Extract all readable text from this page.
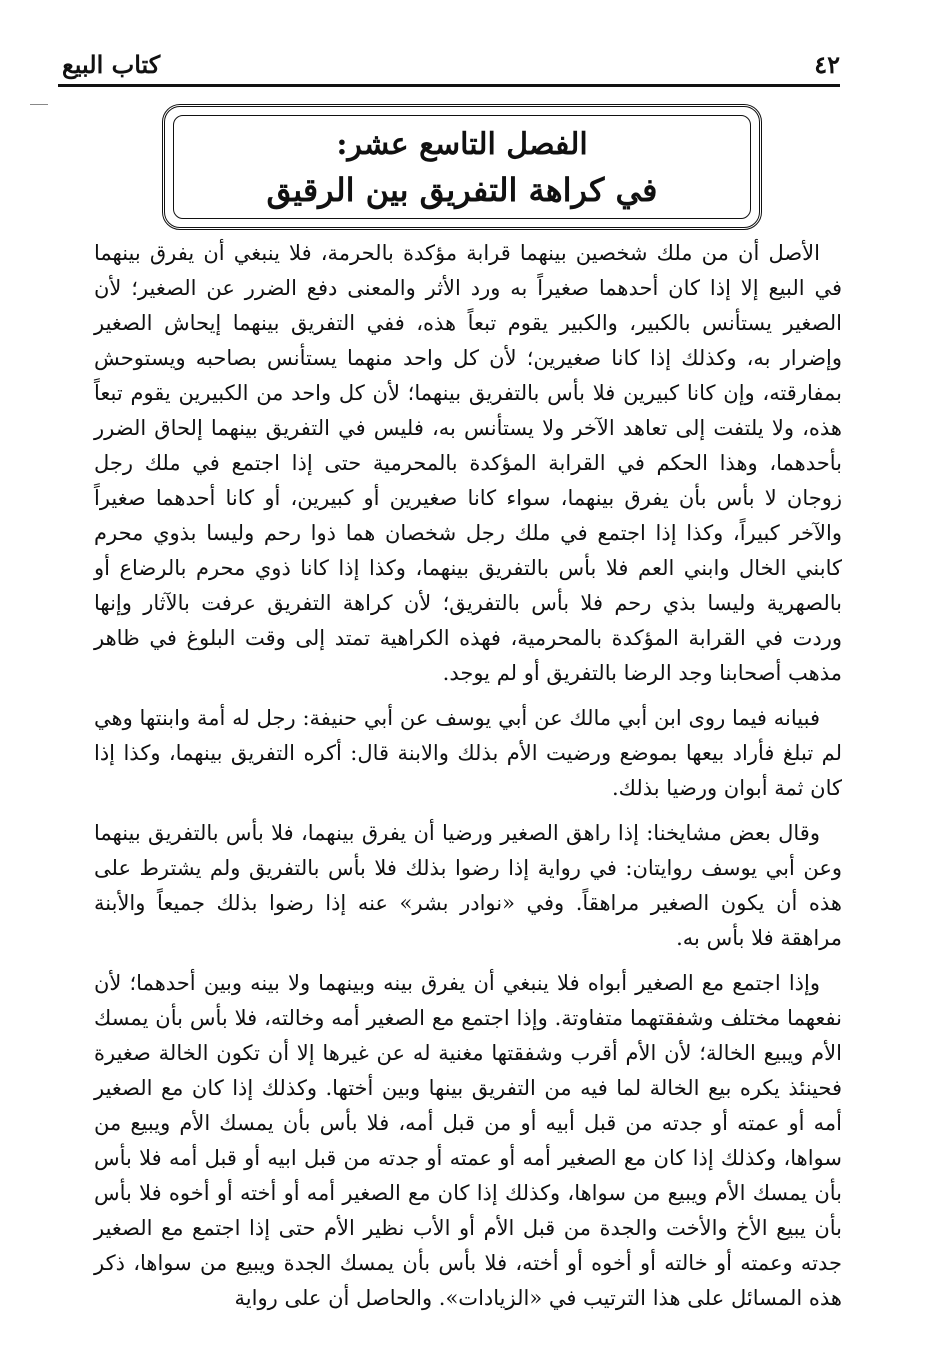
٤٢
كتاب البيع
الفصل التاسع عشر:
في كراهة التفريق بين الرقيق

الأصل أن من ملك شخصين بينهما قرابة مؤكدة بالحرمة، فلا ينبغي أن يفرق بينهما في البيع إلا إذا كان أحدهما صغيراً به ورد الأثر والمعنى دفع الضرر عن الصغير؛ لأن الصغير يستأنس بالكبير، والكبير يقوم تبعاً هذه، ففي التفريق بينهما إيحاش الصغير وإضرار به، وكذلك إذا كانا صغيرين؛ لأن كل واحد منهما يستأنس بصاحبه ويستوحش بمفارقته، وإن كانا كبيرين فلا بأس بالتفريق بينهما؛ لأن كل واحد من الكبيرين يقوم تبعاً هذه، ولا يلتفت إلى تعاهد الآخر ولا يستأنس به، فليس في التفريق بينهما إلحاق الضرر بأحدهما، وهذا الحكم في القرابة المؤكدة بالمحرمية حتى إذا اجتمع في ملك رجل زوجان لا بأس بأن يفرق بينهما، سواء كانا صغيرين أو كبيرين، أو كانا أحدهما صغيراً والآخر كبيراً، وكذا إذا اجتمع في ملك رجل شخصان هما ذوا رحم وليسا بذوي محرم كابني الخال وابني العم فلا بأس بالتفريق بينهما، وكذا إذا كانا ذوي محرم بالرضاع أو بالصهرية وليسا بذي رحم فلا بأس بالتفريق؛ لأن كراهة التفريق عرفت بالآثار وإنها وردت في القرابة المؤكدة بالمحرمية، فهذه الكراهية تمتد إلى وقت البلوغ في ظاهر مذهب أصحابنا وجد الرضا بالتفريق أو لم يوجد.

فبيانه فيما روى ابن أبي مالك عن أبي يوسف عن أبي حنيفة: رجل له أمة وابنتها وهي لم تبلغ فأراد بيعها بموضع ورضيت الأم بذلك والابنة قال: أكره التفريق بينهما، وكذا إذا كان ثمة أبوان ورضيا بذلك.

وقال بعض مشايخنا: إذا راهق الصغير ورضيا أن يفرق بينهما، فلا بأس بالتفريق بينهما وعن أبي يوسف روايتان: في رواية إذا رضوا بذلك فلا بأس بالتفريق ولم يشترط على هذه أن يكون الصغير مراهقاً. وفي «نوادر بشر» عنه إذا رضوا بذلك جميعاً والأبنة مراهقة فلا بأس به.

وإذا اجتمع مع الصغير أبواه فلا ينبغي أن يفرق بينه وبينهما ولا بينه وبين أحدهما؛ لأن نفعهما مختلف وشفقتهما متفاوتة. وإذا اجتمع مع الصغير أمه وخالته، فلا بأس بأن يمسك الأم ويبيع الخالة؛ لأن الأم أقرب وشفقتها مغنية له عن غيرها إلا أن تكون الخالة صغيرة فحينئذ يكره بيع الخالة لما فيه من التفريق بينها وبين أختها. وكذلك إذا كان مع الصغير أمه أو عمته أو جدته من قبل أبيه أو من قبل أمه، فلا بأس بأن يمسك الأم ويبيع من سواها، وكذلك إذا كان مع الصغير أمه أو عمته أو جدته من قبل ابيه أو قبل أمه فلا بأس بأن يمسك الأم ويبيع من سواها، وكذلك إذا كان مع الصغير أمه أو أخته أو أخوه فلا بأس بأن يبيع الأخ والأخت والجدة من قبل الأم أو الأب نظير الأم حتى إذا اجتمع مع الصغير جدته وعمته أو خالته أو أخوه أو أخته، فلا بأس بأن يمسك الجدة ويبيع من سواها، ذكر هذه المسائل على هذا الترتيب في «الزيادات». والحاصل أن على رواية
